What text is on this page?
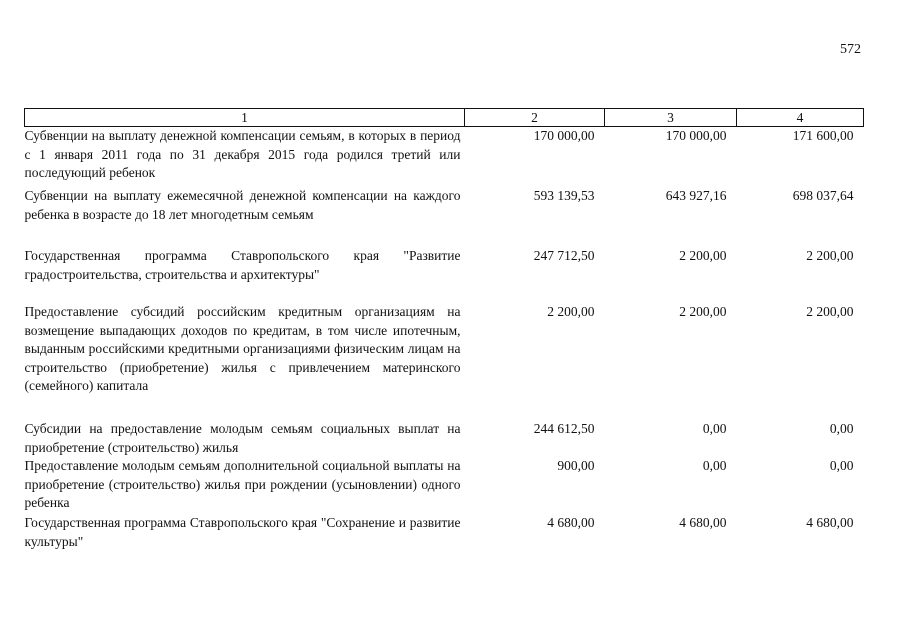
572
1	2	3	4
Субвенции на выплату денежной компенсации семьям, в которых в период с 1 января 2011 года по 31 декабря 2015 года родился третий или последующий ребенок	170 000,00	170 000,00	171 600,00
Субвенции на выплату ежемесячной денежной компенсации на каждого ребенка в возрасте до 18 лет многодетным семьям	593 139,53	643 927,16	698 037,64
Государственная программа Ставропольского края "Развитие градостроительства, строительства и архитектуры"	247 712,50	2 200,00	2 200,00
Предоставление субсидий российским кредитным организациям на возмещение выпадающих доходов по кредитам, в том числе ипотечным, выданным российскими кредитными организациями физическим лицам на строительство (приобретение) жилья с привлечением материнского (семейного) капитала	2 200,00	2 200,00	2 200,00
Субсидии на предоставление молодым семьям социальных выплат на приобретение (строительство) жилья	244 612,50	0,00	0,00
Предоставление молодым семьям дополнительной социальной выплаты на приобретение (строительство) жилья при рождении (усыновлении) одного ребенка	900,00	0,00	0,00
Государственная программа Ставропольского края "Сохранение и развитие культуры"	4 680,00	4 680,00	4 680,00
